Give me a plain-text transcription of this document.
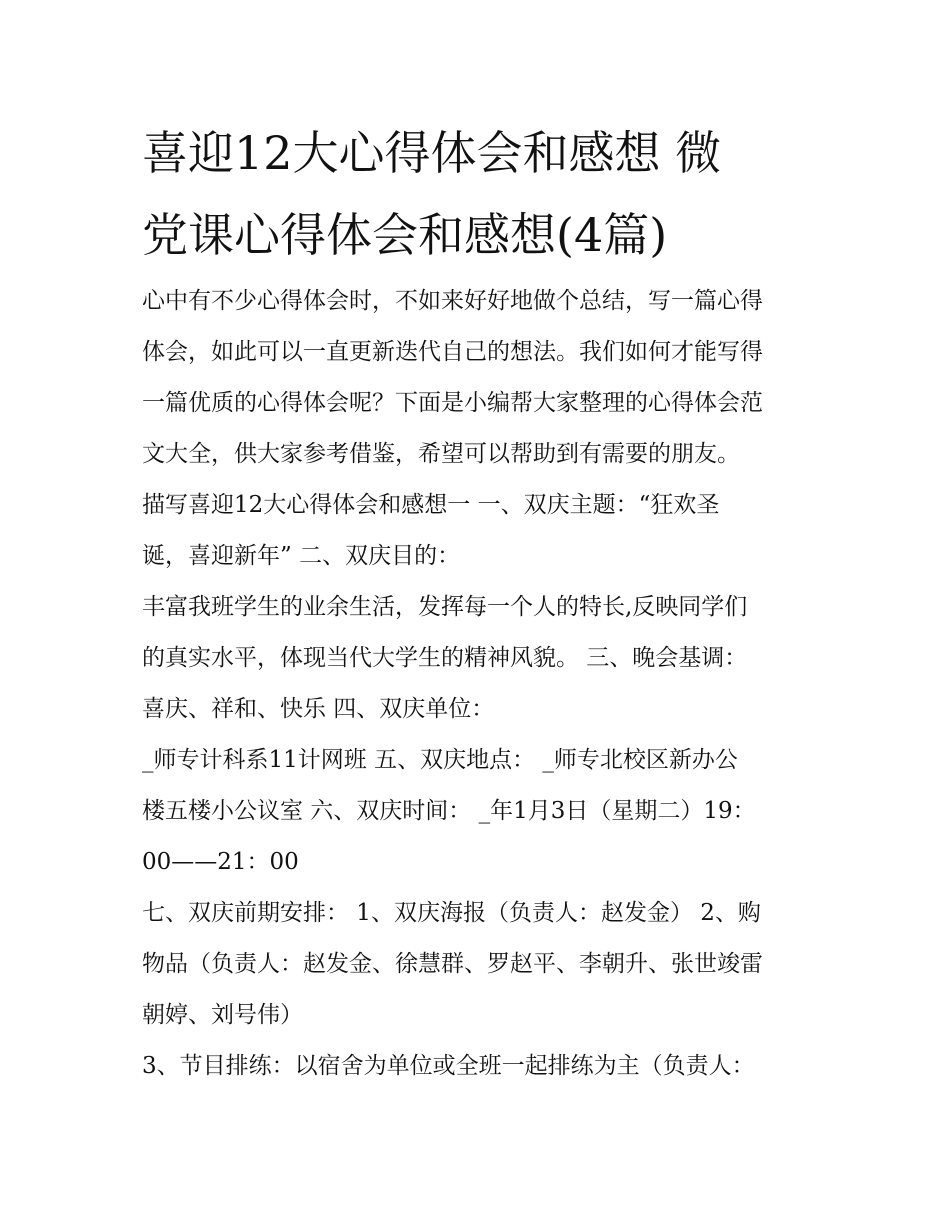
喜迎12大心得体会和感想 微
党课心得体会和感想(4篇)

心中有不少心得体会时，不如来好好地做个总结，写一篇心得
体会，如此可以一直更新迭代自己的想法。我们如何才能写得
一篇优质的心得体会呢？下面是小编帮大家整理的心得体会范
文大全，供大家参考借鉴，希望可以帮助到有需要的朋友。

描写喜迎12大心得体会和感想一 一、双庆主题：“狂欢圣
诞，喜迎新年” 二、双庆目的：

丰富我班学生的业余生活，发挥每一个人的特长,反映同学们
的真实水平，体现当代大学生的精神风貌。 三、晚会基调：
喜庆、祥和、快乐 四、双庆单位：

_师专计科系11计网班 五、双庆地点： _师专北校区新办公
楼五楼小公议室 六、双庆时间： _年1月3日（星期二）19：
00——21：00

七、双庆前期安排： 1、双庆海报（负责人：赵发金） 2、购
物品（负责人：赵发金、徐慧群、罗赵平、李朝升、张世竣雷
朝婷、刘号伟）

3、节目排练：以宿舍为单位或全班一起排练为主（负责人：
